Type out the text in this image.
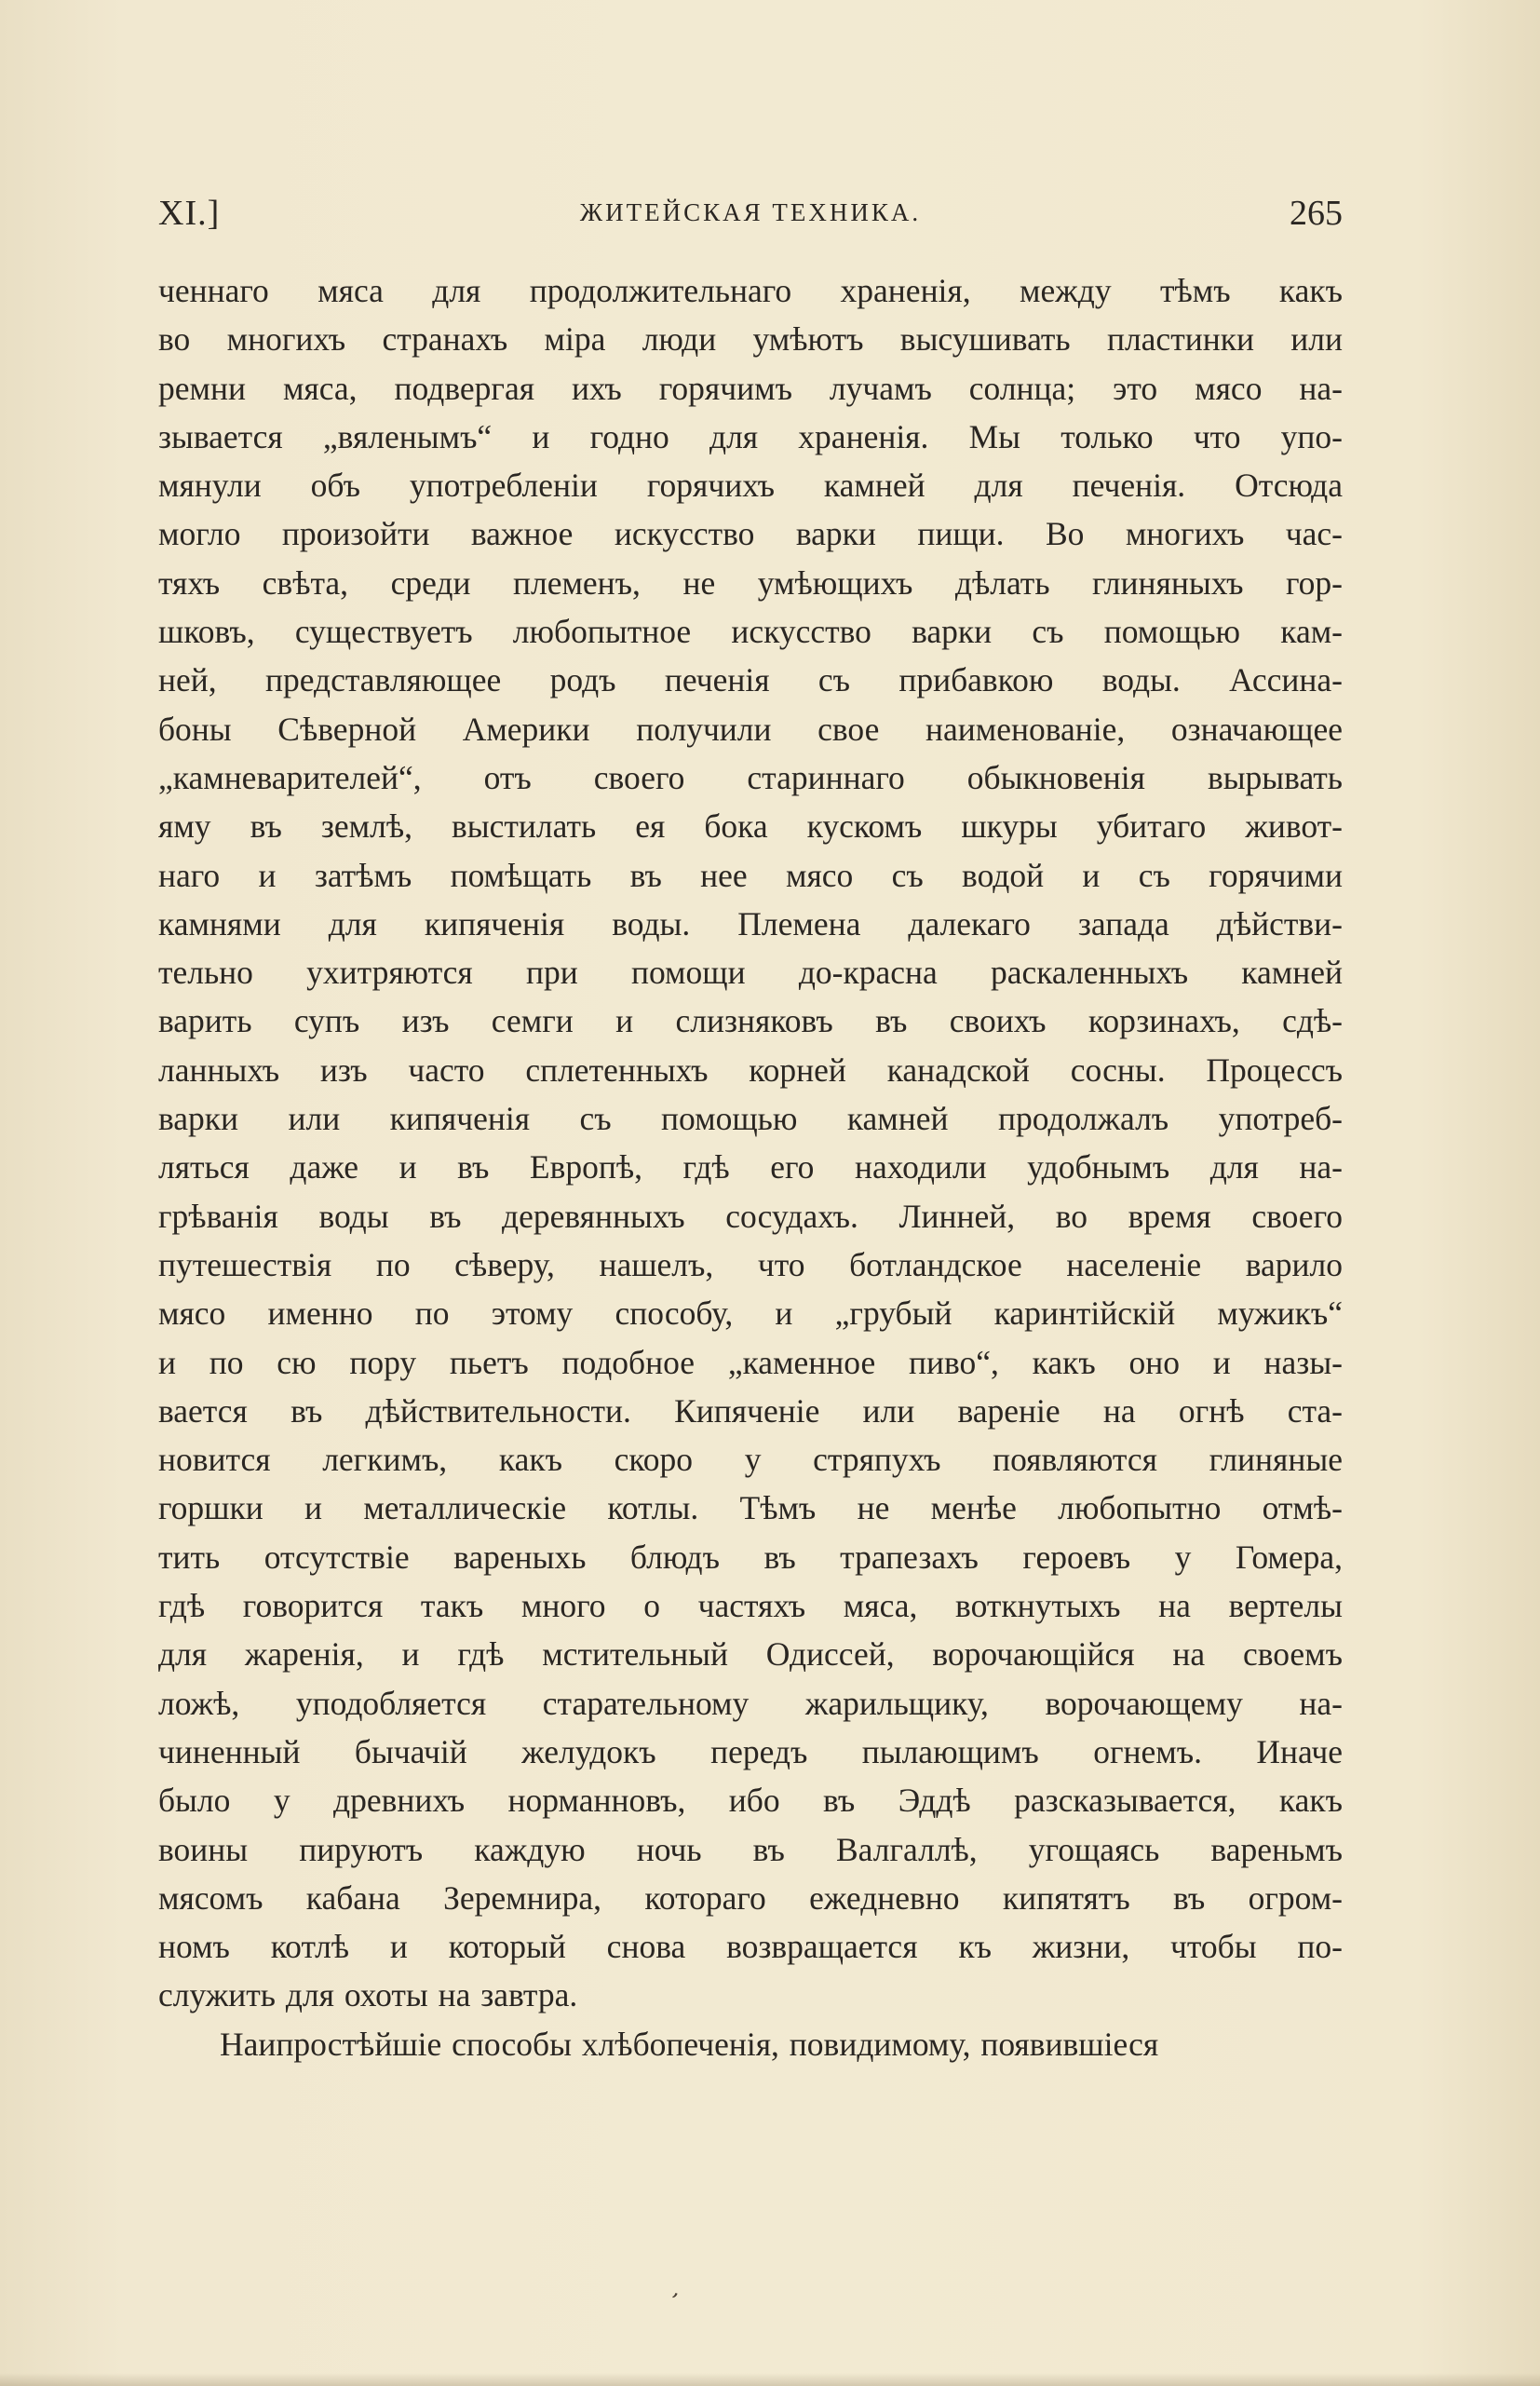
XI.]	ЖИТЕЙСКАЯ ТЕХНИКА.	265
ченнаго мяса для продолжительнаго храненія, между тѣмъ какъ
во многихъ странахъ міра люди умѣютъ высушивать пластинки или
ремни мяса, подвергая ихъ горячимъ лучамъ солнца; это мясо на-
зывается „вяленымъ“ и годно для храненія. Мы только что упо-
мянули объ употребленіи горячихъ камней для печенія. Отсюда
могло произойти важное искусство варки пищи. Во многихъ час-
тяхъ свѣта, среди племенъ, не умѣющихъ дѣлать глиняныхъ гор-
шковъ, существуетъ любопытное искусство варки съ помощью кам-
ней, представляющее родъ печенія съ прибавкою воды. Ассина-
боны Сѣверной Америки получили свое наименованіе, означающее
„камневарителей“, отъ своего стариннаго обыкновенія вырывать
яму въ землѣ, выстилать ея бока кускомъ шкуры убитаго живот-
наго и затѣмъ помѣщать въ нее мясо съ водой и съ горячими
камнями для кипяченія воды. Племена далекаго запада дѣйстви-
тельно ухитряются при помощи до-красна раскаленныхъ камней
варить супъ изъ семги и слизняковъ въ своихъ корзинахъ, сдѣ-
ланныхъ изъ часто сплетенныхъ корней канадской сосны. Процессъ
варки или кипяченія съ помощью камней продолжалъ употреб-
ляться даже и въ Европѣ, гдѣ его находили удобнымъ для на-
грѣванія воды въ деревянныхъ сосудахъ. Линней, во время своего
путешествія по сѣверу, нашелъ, что ботландское населеніе варило
мясо именно по этому способу, и „грубый каринтійскій мужикъ“
и по сю пору пьетъ подобное „каменное пиво“, какъ оно и назы-
вается въ дѣйствительности. Кипяченіе или вареніе на огнѣ ста-
новится легкимъ, какъ скоро у стряпухъ появляются глиняные
горшки и металлическіе котлы. Тѣмъ не менѣе любопытно отмѣ-
тить отсутствіе вареныхь блюдъ въ трапезахъ героевъ у Гомера,
гдѣ говорится такъ много о частяхъ мяса, воткнутыхъ на вертелы
для жаренія, и гдѣ мстительный Одиссей, ворочающійся на своемъ
ложѣ, уподобляется старательному жарильщику, ворочающему на-
чиненный бычачій желудокъ передъ пылающимъ огнемъ. Иначе
было у древнихъ норманновъ, ибо въ Эддѣ разсказывается, какъ
воины пируютъ каждую ночь въ Валгаллѣ, угощаясь вареньмъ
мясомъ кабана Зеремнира, котораго ежедневно кипятятъ въ огром-
номъ котлѣ и который снова возвращается къ жизни, чтобы по-
служить для охоты на завтра.
Наипростѣйшіе способы хлѣбопеченія, повидимому, появившіеся
ʼ
